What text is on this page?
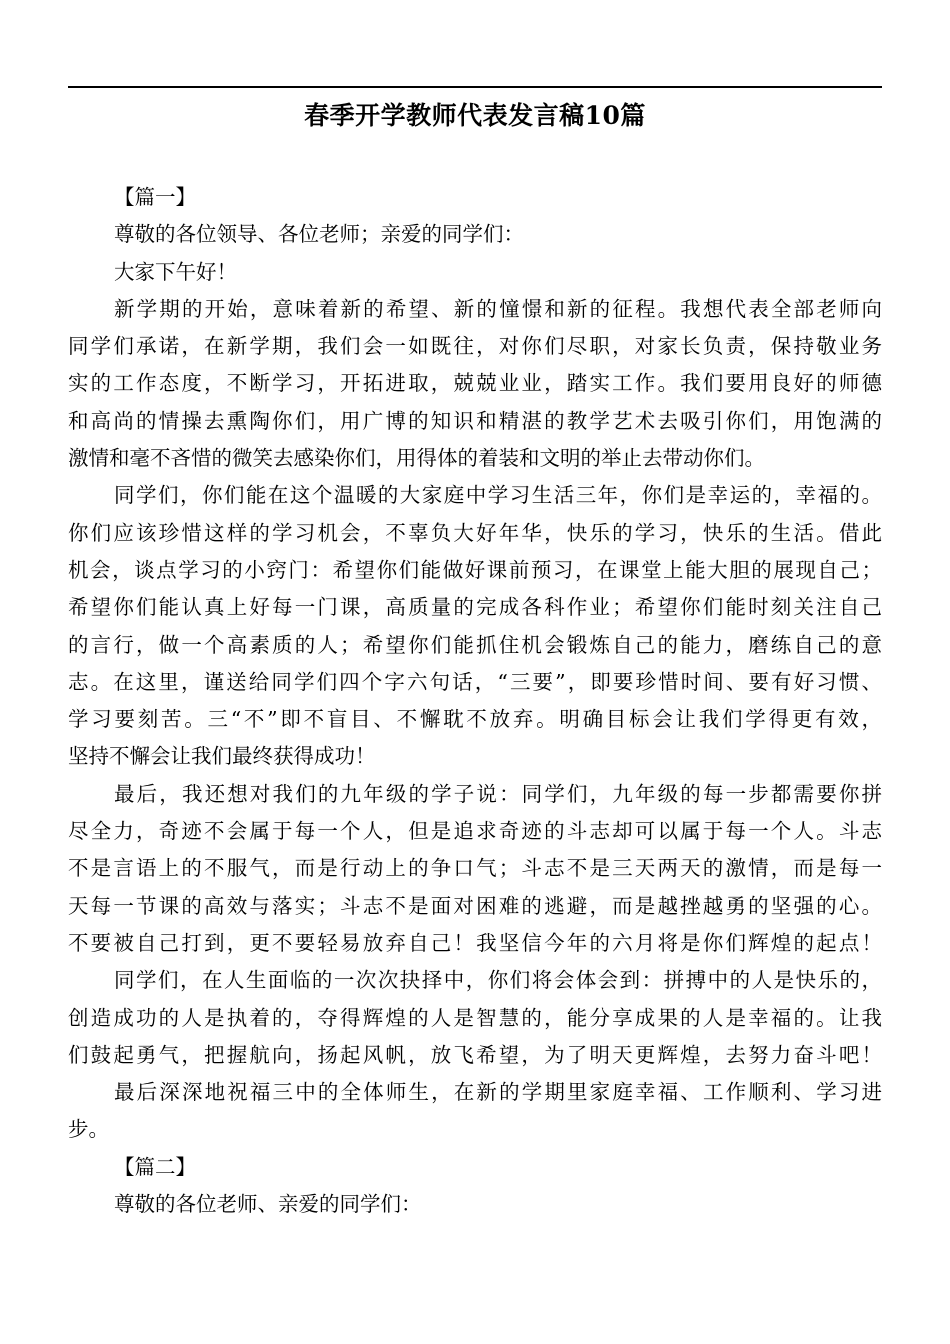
春季开学教师代表发言稿10篇
【篇一】
尊敬的各位领导、各位老师；亲爱的同学们：
大家下午好！
新学期的开始，意味着新的希望、新的憧憬和新的征程。我想代表全部老师向
同学们承诺，在新学期，我们会一如既往，对你们尽职，对家长负责，保持敬业务
实的工作态度，不断学习，开拓进取，兢兢业业，踏实工作。我们要用良好的师德
和高尚的情操去熏陶你们，用广博的知识和精湛的教学艺术去吸引你们，用饱满的
激情和毫不吝惜的微笑去感染你们，用得体的着装和文明的举止去带动你们。
同学们，你们能在这个温暖的大家庭中学习生活三年，你们是幸运的，幸福的。
你们应该珍惜这样的学习机会，不辜负大好年华，快乐的学习，快乐的生活。借此
机会，谈点学习的小窍门：希望你们能做好课前预习，在课堂上能大胆的展现自己；
希望你们能认真上好每一门课，高质量的完成各科作业；希望你们能时刻关注自己
的言行，做一个高素质的人；希望你们能抓住机会锻炼自己的能力，磨练自己的意
志。在这里，谨送给同学们四个字六句话，“三要”，即要珍惜时间、要有好习惯、
学习要刻苦。三“不”即不盲目、不懈耽不放弃。明确目标会让我们学得更有效，
坚持不懈会让我们最终获得成功！
最后，我还想对我们的九年级的学子说：同学们，九年级的每一步都需要你拼
尽全力，奇迹不会属于每一个人，但是追求奇迹的斗志却可以属于每一个人。斗志
不是言语上的不服气，而是行动上的争口气；斗志不是三天两天的激情，而是每一
天每一节课的高效与落实；斗志不是面对困难的逃避，而是越挫越勇的坚强的心。
不要被自己打到，更不要轻易放弃自己！我坚信今年的六月将是你们辉煌的起点！
同学们，在人生面临的一次次抉择中，你们将会体会到：拼搏中的人是快乐的，
创造成功的人是执着的，夺得辉煌的人是智慧的，能分享成果的人是幸福的。让我
们鼓起勇气，把握航向，扬起风帆，放飞希望，为了明天更辉煌，去努力奋斗吧！
最后深深地祝福三中的全体师生，在新的学期里家庭幸福、工作顺利、学习进
步。
【篇二】
尊敬的各位老师、亲爱的同学们：
